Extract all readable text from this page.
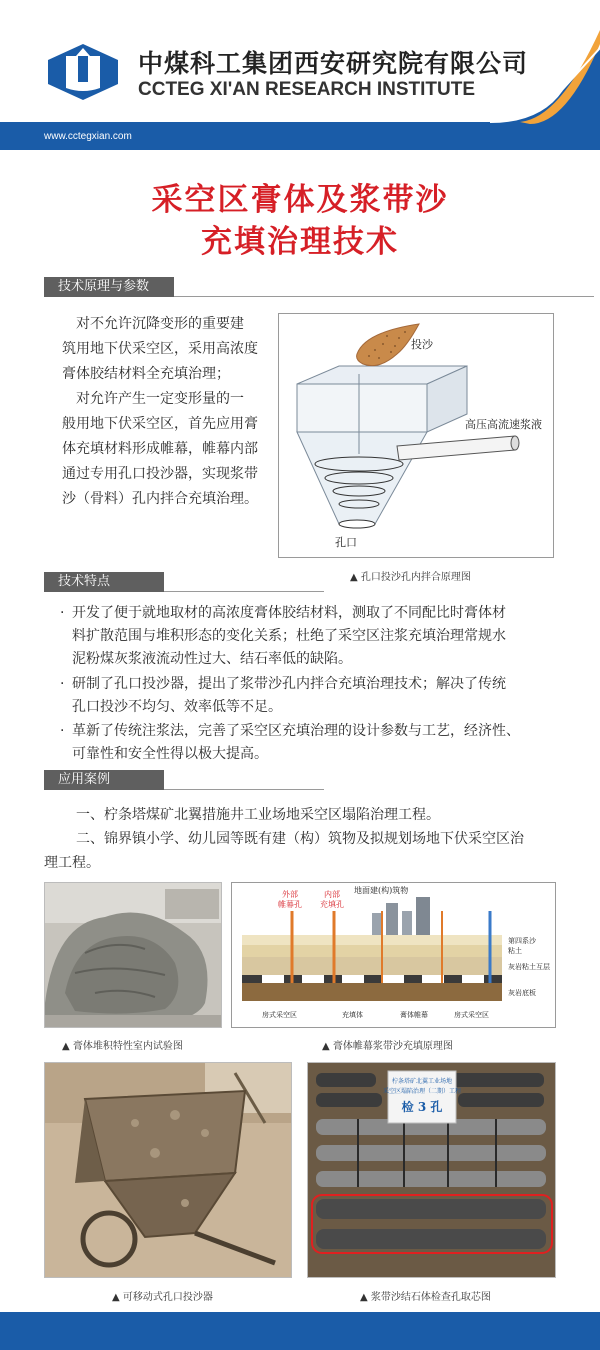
中煤科工集团西安研究院有限公司
CCTEG XI'AN RESEARCH INSTITUTE
www.cctegxian.com
采空区膏体及浆带沙
充填治理技术
技术原理与参数
对不允许沉降变形的重要建
筑用地下伏采空区，采用高浓度
膏体胶结材料全充填治理；
对允许产生一定变形量的一
般用地下伏采空区，首先应用膏
体充填材料形成帷幕，帷幕内部
通过专用孔口投沙器，实现浆带
沙（骨料）孔内拌合充填治理。
投沙
高压高流速浆液
孔口
▲ 孔口投沙孔内拌合原理图
技术特点
· 开发了便于就地取材的高浓度膏体胶结材料，测取了不同配比时膏体材
料扩散范围与堆积形态的变化关系；杜绝了采空区注浆充填治理常规水
泥粉煤灰浆液流动性过大、结石率低的缺陷。
· 研制了孔口投沙器，提出了浆带沙孔内拌合充填治理技术；解决了传统
孔口投沙不均匀、效率低等不足。
· 革新了传统注浆法，完善了采空区充填治理的设计参数与工艺，经济性、
可靠性和安全性得以极大提高。
应用案例
一、柠条塔煤矿北翼措施井工业场地采空区塌陷治理工程。
二、锦界镇小学、幼儿园等既有建（构）筑物及拟规划场地下伏采空区治
理工程。
▲ 膏体堆积特性室内试验图
外部
帷幕孔
内部
充填孔
地面建(构)筑物
第四系沙
粘土
灰岩粘土互层
灰岩底板
房式采空区	充填体	膏体帷幕	房式采空区
▲ 膏体帷幕浆带沙充填原理图
▲ 可移动式孔口投沙器
柠条塔矿北翼工业场地
采空区塌陷治理（二期）工程
检 3 孔
▲ 浆带沙结石体检查孔取芯图
